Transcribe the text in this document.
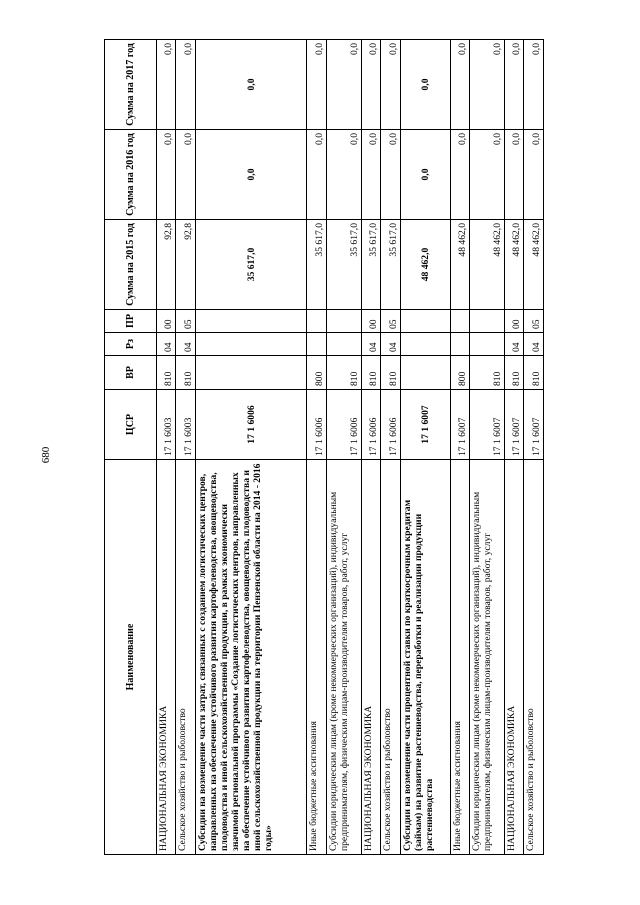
680
Наименование	ЦСР	ВР	Рз	ПР	Сумма на 2015 год	Сумма на 2016 год	Сумма на 2017 год
НАЦИОНАЛЬНАЯ ЭКОНОМИКА	17 1 6003	810	04	00	92,8	0,0	0,0
Сельское хозяйство и рыболовство	17 1 6003	810	04	05	92,8	0,0	0,0
Субсидии на возмещение части затрат, связанных с созданием логистических центров, направленных на обеспечение устойчивого развития картофелеводства, овощеводства, плодоводства и иной сельскохозяйственной продукции, в рамках экономически значимой региональной программы «Создание логистических центров, направленных на обеспечение устойчивого развития картофелеводства, овощеводства, плодоводства и иной сельскохозяйственной продукции на территории Пензенской области на 2014 - 2016 годы»	17 1 6006				35 617,0	0,0	0,0
Иные бюджетные ассигнования	17 1 6006	800			35 617,0	0,0	0,0
Субсидии юридическим лицам (кроме некоммерческих организаций), индивидуальным предпринимателям, физическим лицам-производителям товаров, работ, услуг	17 1 6006	810			35 617,0	0,0	0,0
НАЦИОНАЛЬНАЯ ЭКОНОМИКА	17 1 6006	810	04	00	35 617,0	0,0	0,0
Сельское хозяйство и рыболовство	17 1 6006	810	04	05	35 617,0	0,0	0,0
Субсидии на возмещение части процентной ставки по краткосрочным кредитам (займам) на развитие растениеводства, переработки и реализации продукции растениеводства	17 1 6007				48 462,0	0,0	0,0
Иные бюджетные ассигнования	17 1 6007	800			48 462,0	0,0	0,0
Субсидии юридическим лицам (кроме некоммерческих организаций), индивидуальным предпринимателям, физическим лицам-производителям товаров, работ, услуг	17 1 6007	810			48 462,0	0,0	0,0
НАЦИОНАЛЬНАЯ ЭКОНОМИКА	17 1 6007	810	04	00	48 462,0	0,0	0,0
Сельское хозяйство и рыболовство	17 1 6007	810	04	05	48 462,0	0,0	0,0
